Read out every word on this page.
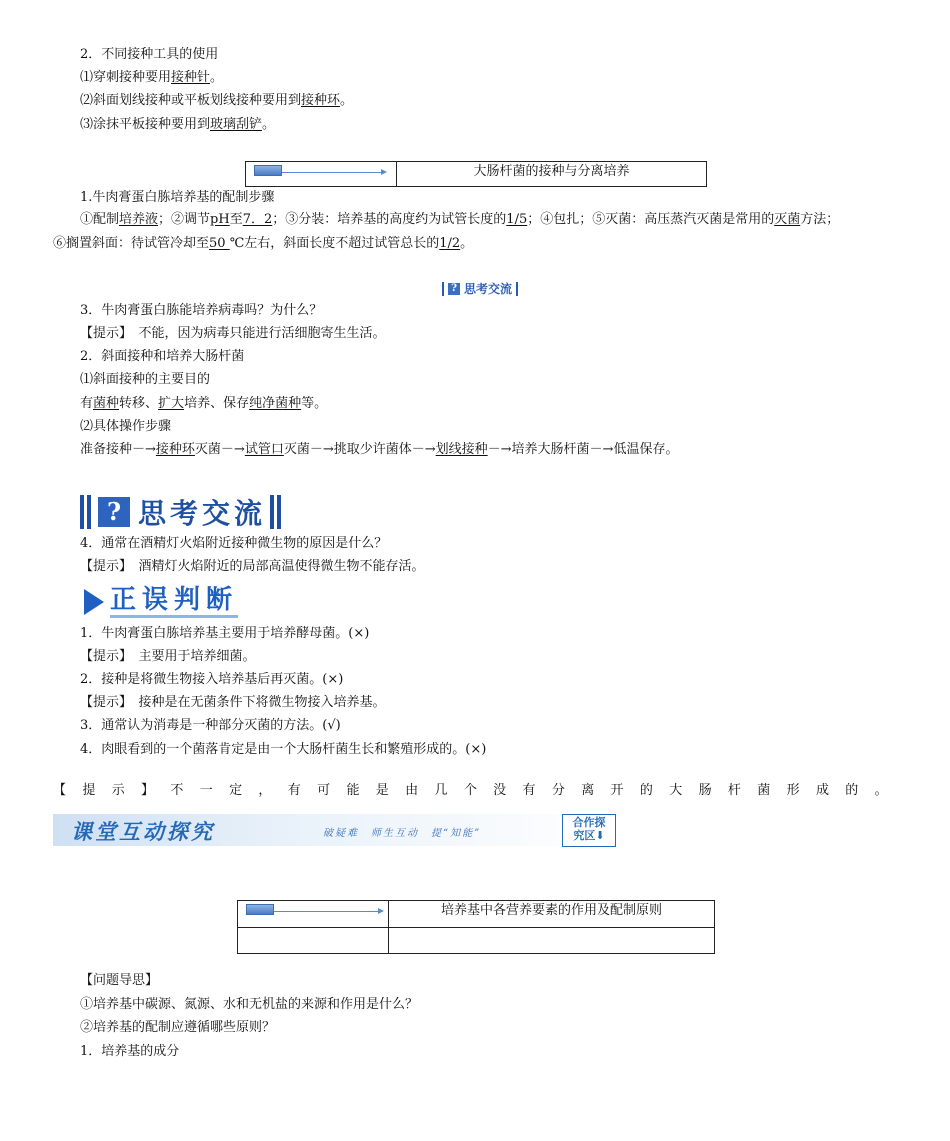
2．不同接种工具的使用
⑴穿刺接种要用接种针。
⑵斜面划线接种或平板划线接种要用到接种环。
⑶涂抹平板接种要用到玻璃刮铲。
大肠杆菌的接种与分离培养
1.牛肉膏蛋白胨培养基的配制步骤
①配制培养液；②调节pH至7．2；③分装：培养基的高度约为试管长度的1/5；④包扎；⑤灭菌：高压蒸汽灭菌是常用的灭菌方法；
⑥搁置斜面：待试管冷却至50 ℃左右，斜面长度不超过试管总长的1/2。
? 思考交流
3．牛肉膏蛋白胨能培养病毒吗？为什么？
【提示】　不能，因为病毒只能进行活细胞寄生生活。
2．斜面接种和培养大肠杆菌
⑴斜面接种的主要目的
有菌种转移、扩大培养、保存纯净菌种等。
⑵具体操作步骤
准备接种－→接种环灭菌－→试管口灭菌－→挑取少许菌体－→划线接种－→培养大肠杆菌－→低温保存。
? 思考交流
4．通常在酒精灯火焰附近接种微生物的原因是什么？
【提示】　酒精灯火焰附近的局部高温使得微生物不能存活。
正误判断
1．牛肉膏蛋白胨培养基主要用于培养酵母菌。(×)
【提示】　主要用于培养细菌。
2．接种是将微生物接入培养基后再灭菌。(×)
【提示】　接种是在无菌条件下将微生物接入培养基。
3．通常认为消毒是一种部分灭菌的方法。(√)
4．肉眼看到的一个菌落肯定是由一个大肠杆菌生长和繁殖形成的。(×)
【 提 示 】 不 一 定 ， 有 可 能 是 由 几 个 没 有 分 离 开 的 大 肠 杆 菌 形 成 的 。
课堂互动探究	破疑难　师生互动　提“知能”
合作探
究区⬇
培养基中各营养要素的作用及配制原则
【问题导思】
①培养基中碳源、氮源、水和无机盐的来源和作用是什么？
②培养基的配制应遵循哪些原则？
1．培养基的成分
